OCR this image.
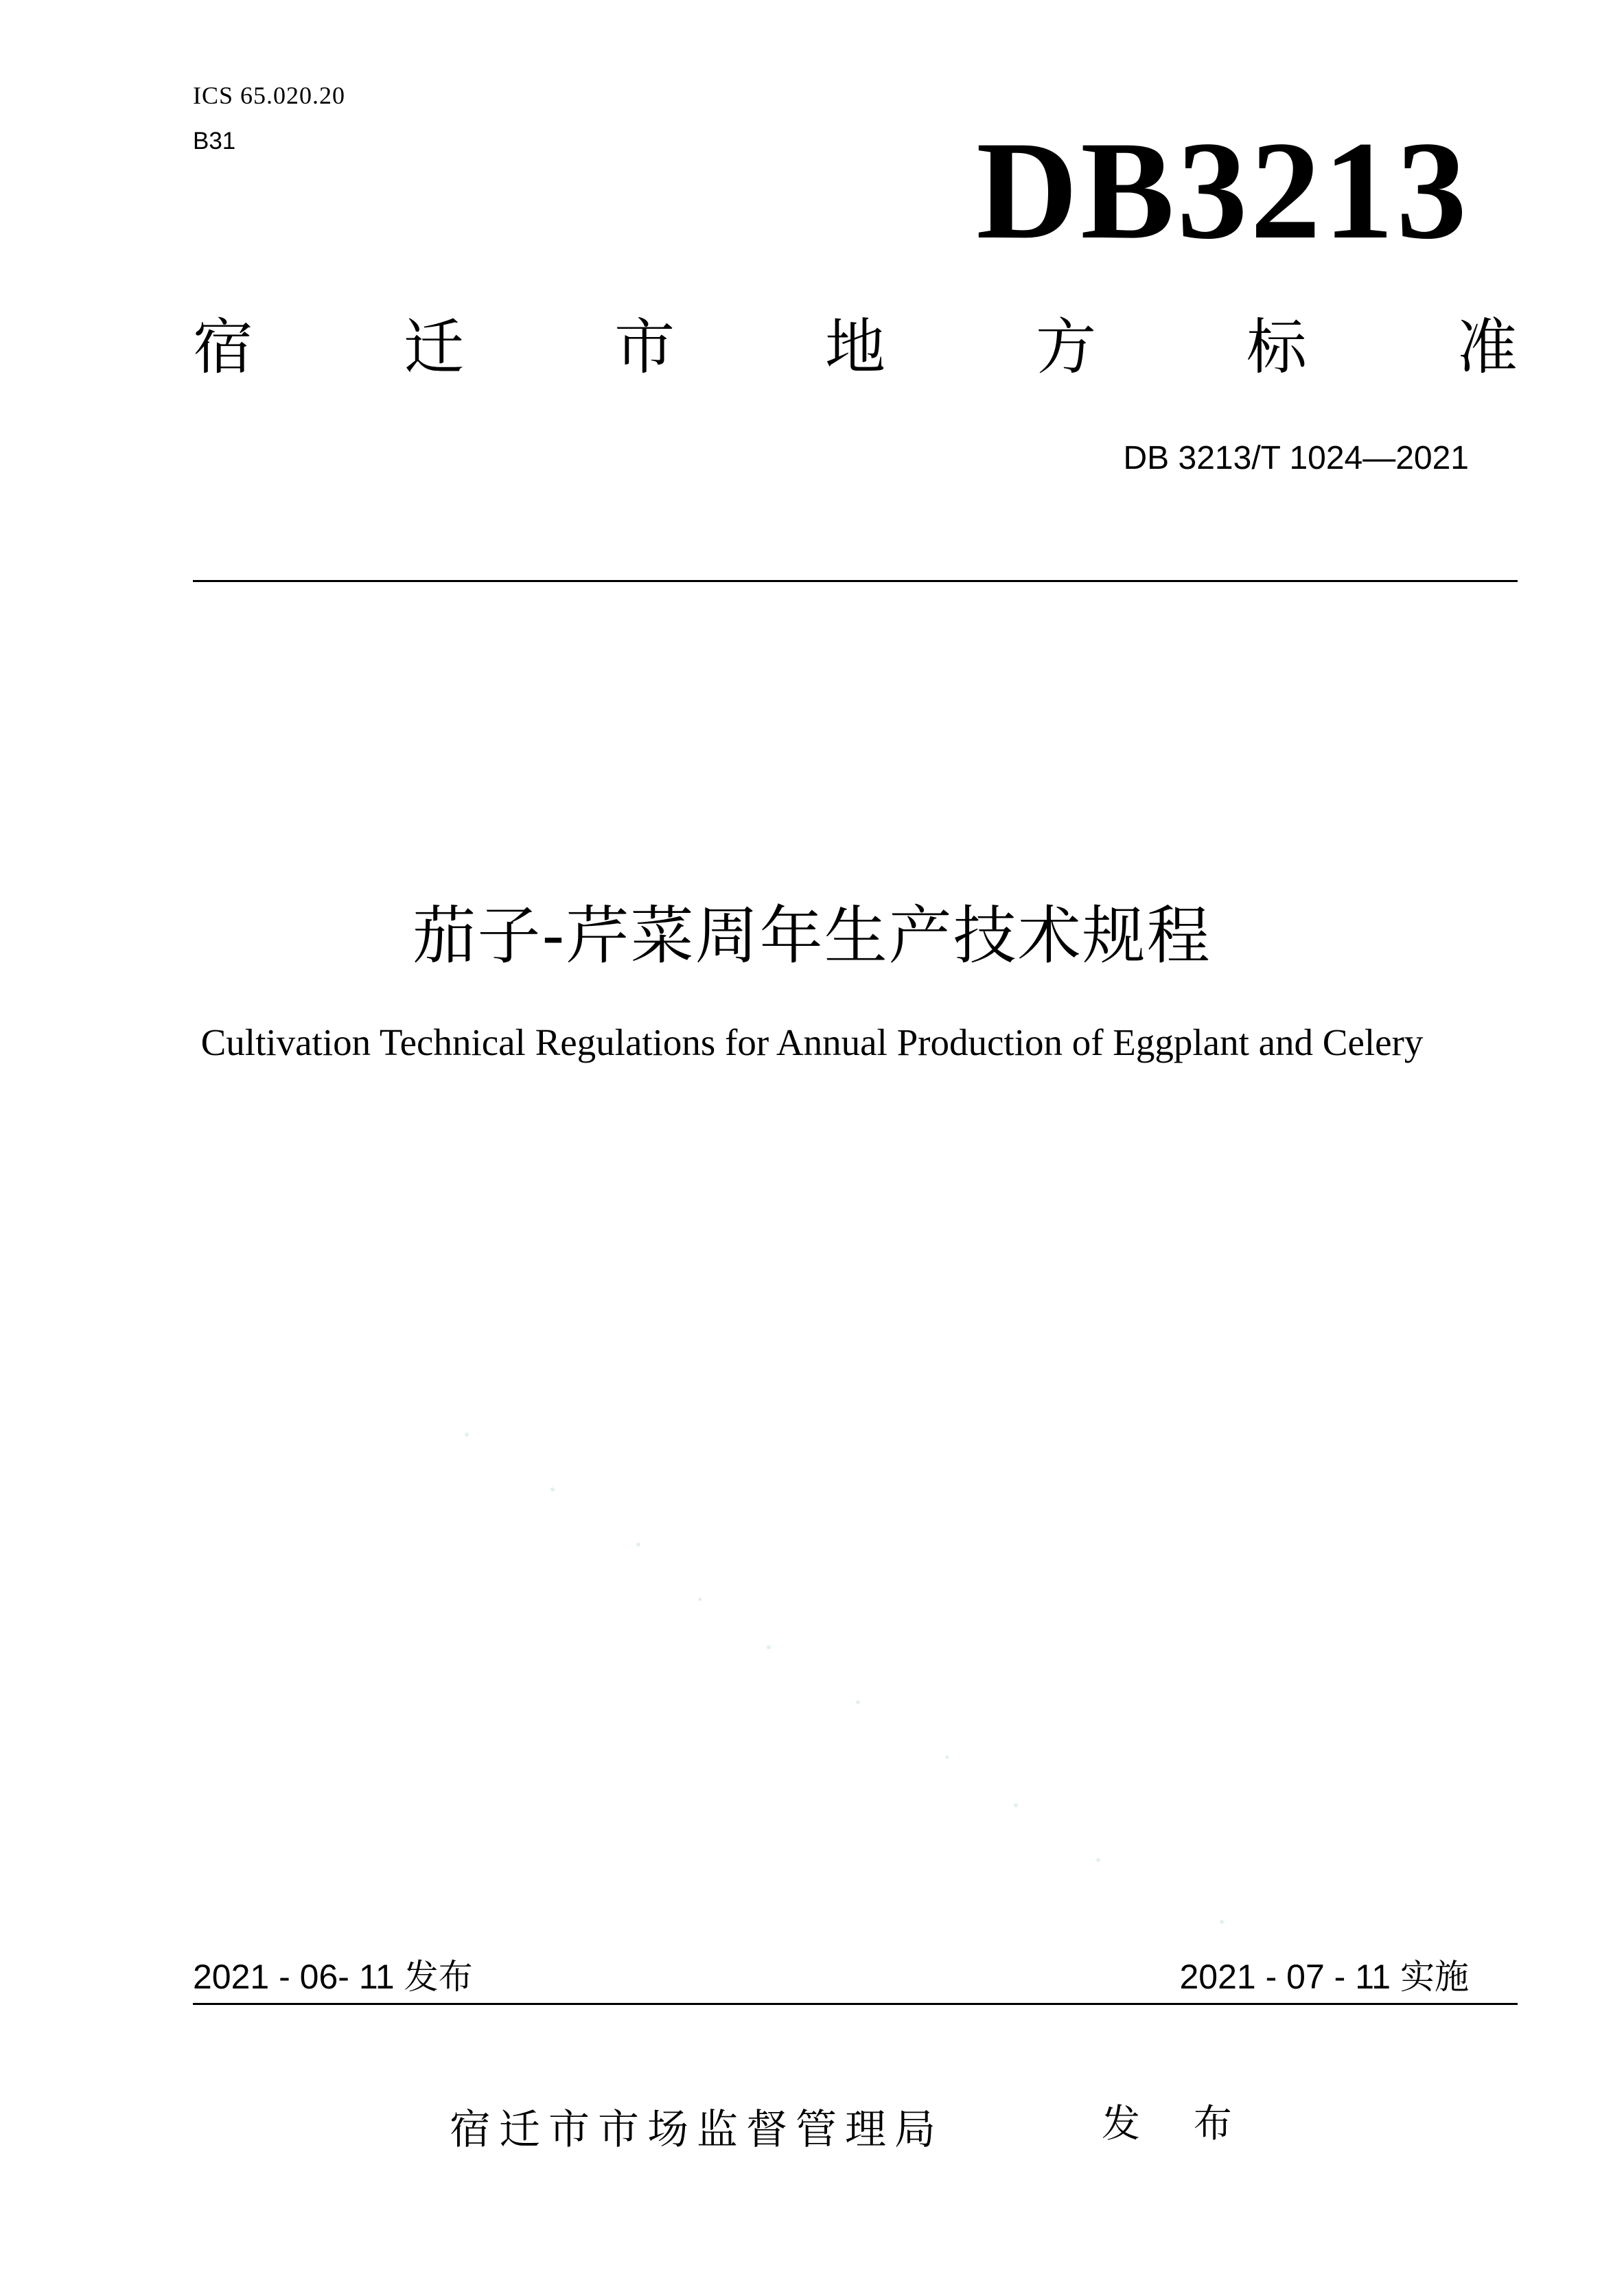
ICS 65.020.20
B31	DB3213
宿 迁 市 地 方 标 准
DB 3213/T 1024—2021
茄子-芹菜周年生产技术规程
Cultivation Technical Regulations for Annual Production of Eggplant and Celery
2021 - 06- 11 发布	2021 - 07 - 11 实施
宿迁市市场监督管理局	发 布
